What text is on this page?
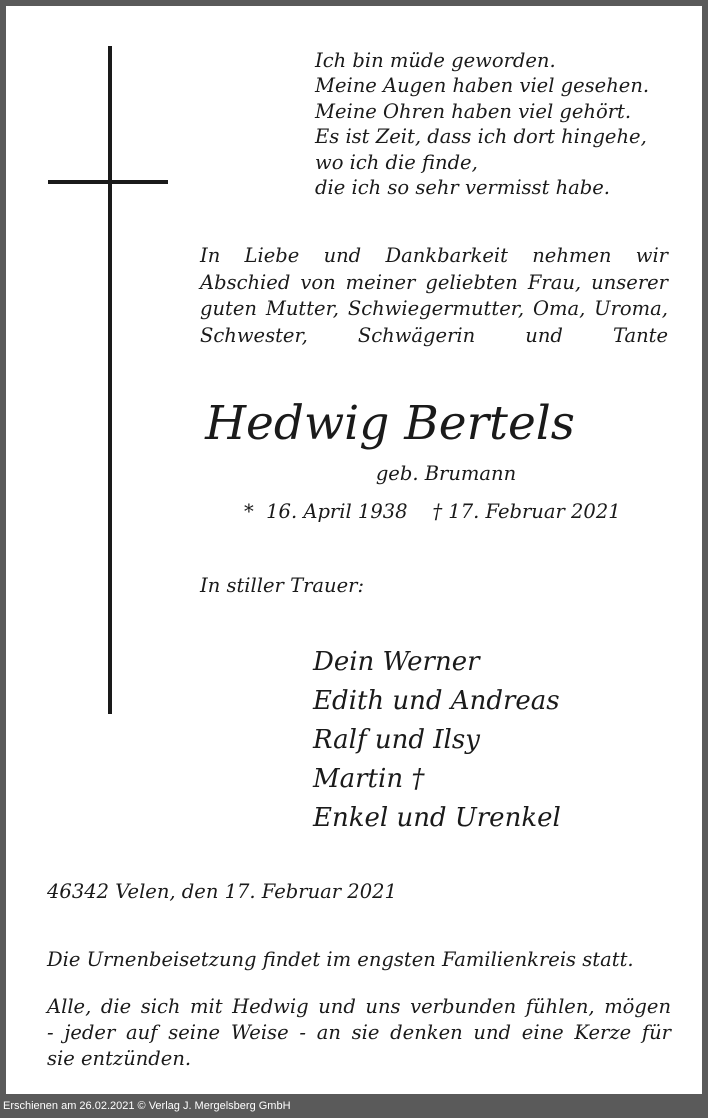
Ich bin müde geworden.
Meine Augen haben viel gesehen.
Meine Ohren haben viel gehört.
Es ist Zeit, dass ich dort hingehe,
wo ich die finde,
die ich so sehr vermisst habe.

In Liebe und Dankbarkeit nehmen wir Abschied von meiner geliebten Frau, unserer guten Mutter, Schwiegermutter, Oma, Uroma, Schwester, Schwägerin und Tante

Hedwig Bertels
geb. Brumann
*  16. April 1938 † 17. Februar 2021
In stiller Trauer:
Dein Werner
Edith und Andreas
Ralf und Ilsy
Martin †
Enkel und Urenkel
46342 Velen, den 17. Februar 2021
Die Urnenbeisetzung findet im engsten Familienkreis statt.

Alle, die sich mit Hedwig und uns verbunden fühlen, mögen
- jeder auf seine Weise - an sie denken und eine Kerze für
sie entzünden.

Erschienen am 26.02.2021 © Verlag J. Mergelsberg GmbH
